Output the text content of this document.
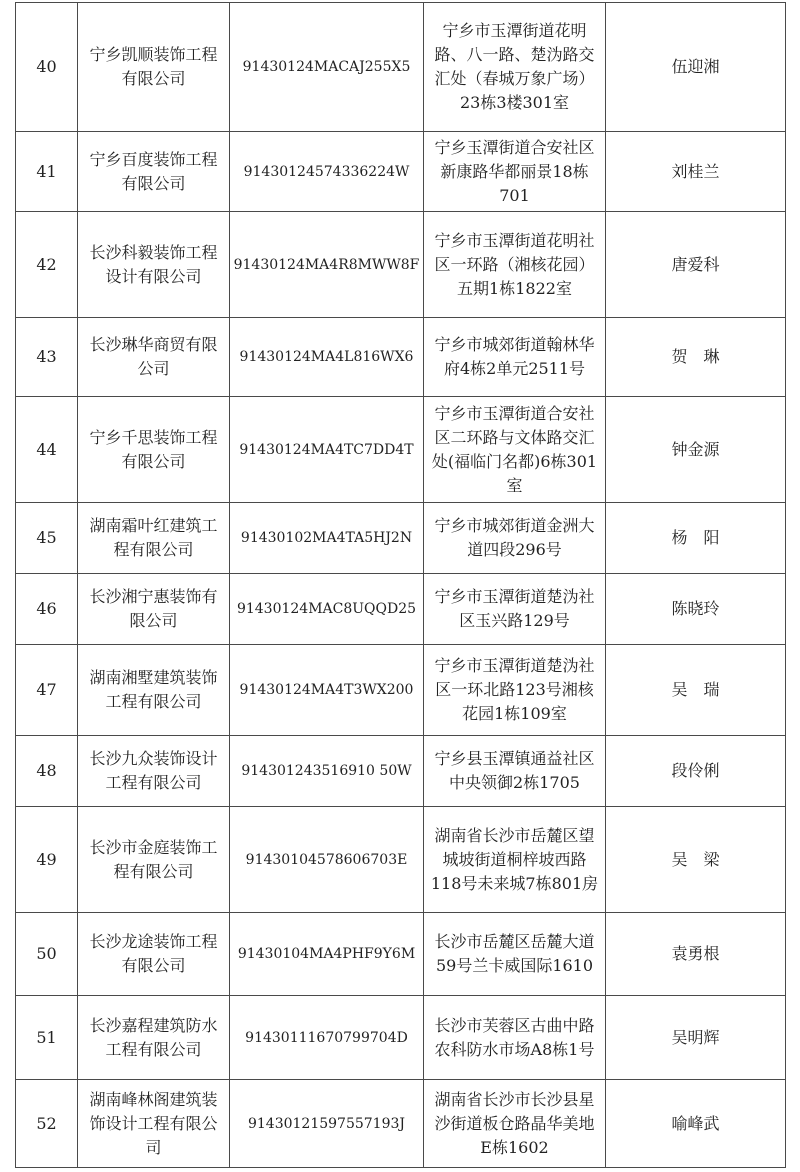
40	宁乡凯顺装饰工程有限公司	91430124MACAJ255X5	宁乡市玉潭街道花明路、八一路、楚沩路交汇处（春城万象广场）23栋3楼301室	伍迎湘
41	宁乡百度装饰工程有限公司	91430124574336224W	宁乡玉潭街道合安社区新康路华都丽景18栋701	刘桂兰
42	长沙科毅装饰工程设计有限公司	91430124MA4R8MWW8F	宁乡市玉潭街道花明社区一环路（湘核花园）五期1栋1822室	唐爱科
43	长沙琳华商贸有限公司	91430124MA4L816WX6	宁乡市城郊街道翰林华府4栋2单元2511号	贺　琳
44	宁乡千思装饰工程有限公司	91430124MA4TC7DD4T	宁乡市玉潭街道合安社区二环路与文体路交汇处(福临门名都)6栋301室	钟金源
45	湖南霜叶红建筑工程有限公司	91430102MA4TA5HJ2N	宁乡市城郊街道金洲大道四段296号	杨　阳
46	长沙湘宁惠装饰有限公司	91430124MAC8UQQD25	宁乡市玉潭街道楚沩社区玉兴路129号	陈晓玲
47	湖南湘墅建筑装饰工程有限公司	91430124MA4T3WX200	宁乡市玉潭街道楚沩社区一环北路123号湘核花园1栋109室	吴　瑞
48	长沙九众装饰设计工程有限公司	914301243516910 50W	宁乡县玉潭镇通益社区中央领御2栋1705	段伶俐
49	长沙市金庭装饰工程有限公司	91430104578606703E	湖南省长沙市岳麓区望城坡街道桐梓坡西路118号未来城7栋801房	吴　梁
50	长沙龙途装饰工程有限公司	91430104MA4PHF9Y6M	长沙市岳麓区岳麓大道59号兰卡威国际1610	袁勇根
51	长沙嘉程建筑防水工程有限公司	91430111670799704D	长沙市芙蓉区古曲中路农科防水市场A8栋1号	吴明辉
52	湖南峰林阁建筑装饰设计工程有限公司	91430121597557193J	湖南省长沙市长沙县星沙街道板仓路晶华美地E栋1602	喻峰武
